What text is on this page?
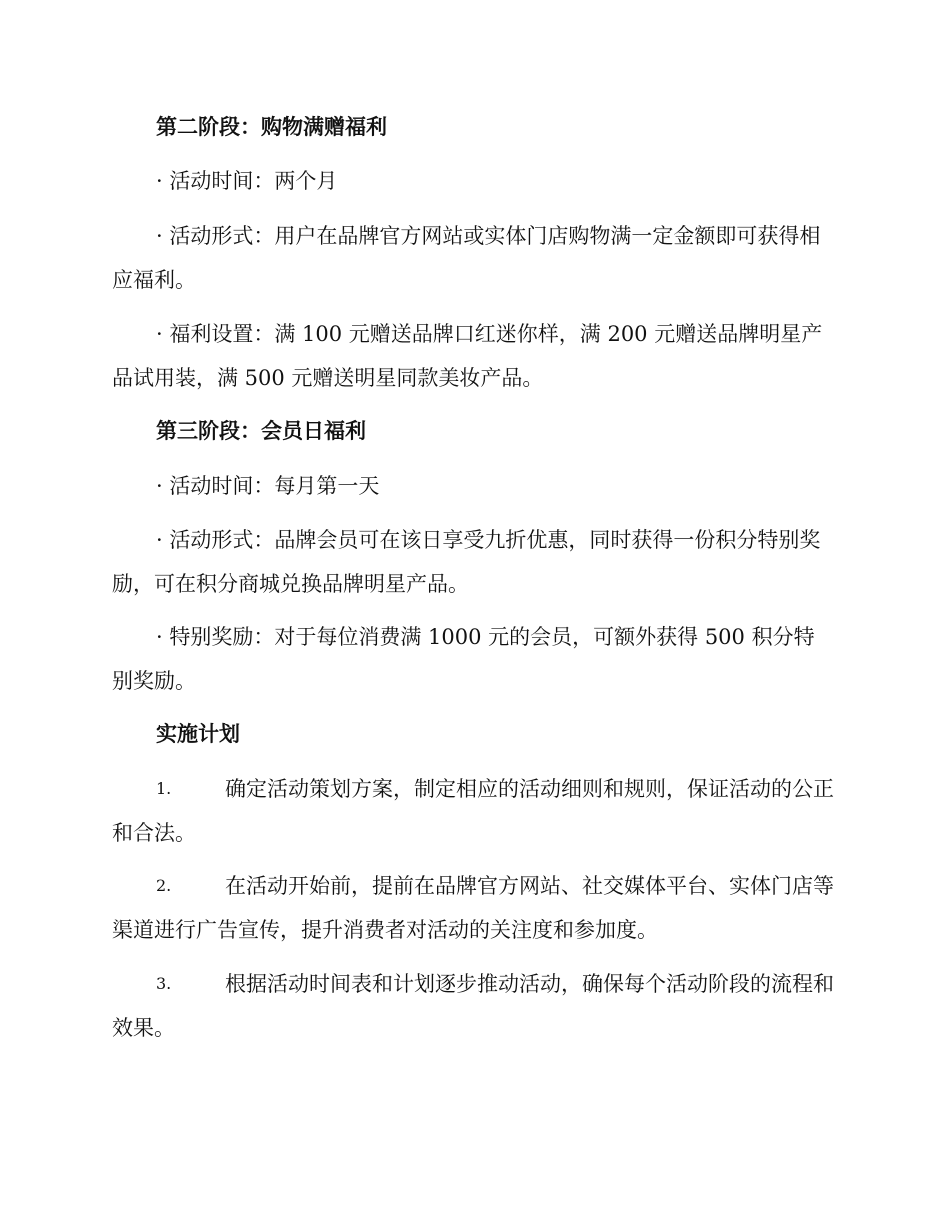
第二阶段：购物满赠福利

· 活动时间：两个月

· 活动形式：用户在品牌官方网站或实体门店购物满一定金额即可获得相应福利。

· 福利设置：满 100 元赠送品牌口红迷你样，满 200 元赠送品牌明星产品试用装，满 500 元赠送明星同款美妆产品。

第三阶段：会员日福利

· 活动时间：每月第一天

· 活动形式：品牌会员可在该日享受九折优惠，同时获得一份积分特别奖励，可在积分商城兑换品牌明星产品。

· 特别奖励：对于每位消费满 1000 元的会员，可额外获得 500 积分特别奖励。

实施计划

1.	确定活动策划方案，制定相应的活动细则和规则，保证活动的公正和合法。

2.	在活动开始前，提前在品牌官方网站、社交媒体平台、实体门店等渠道进行广告宣传，提升消费者对活动的关注度和参加度。

3.	根据活动时间表和计划逐步推动活动，确保每个活动阶段的流程和效果。
